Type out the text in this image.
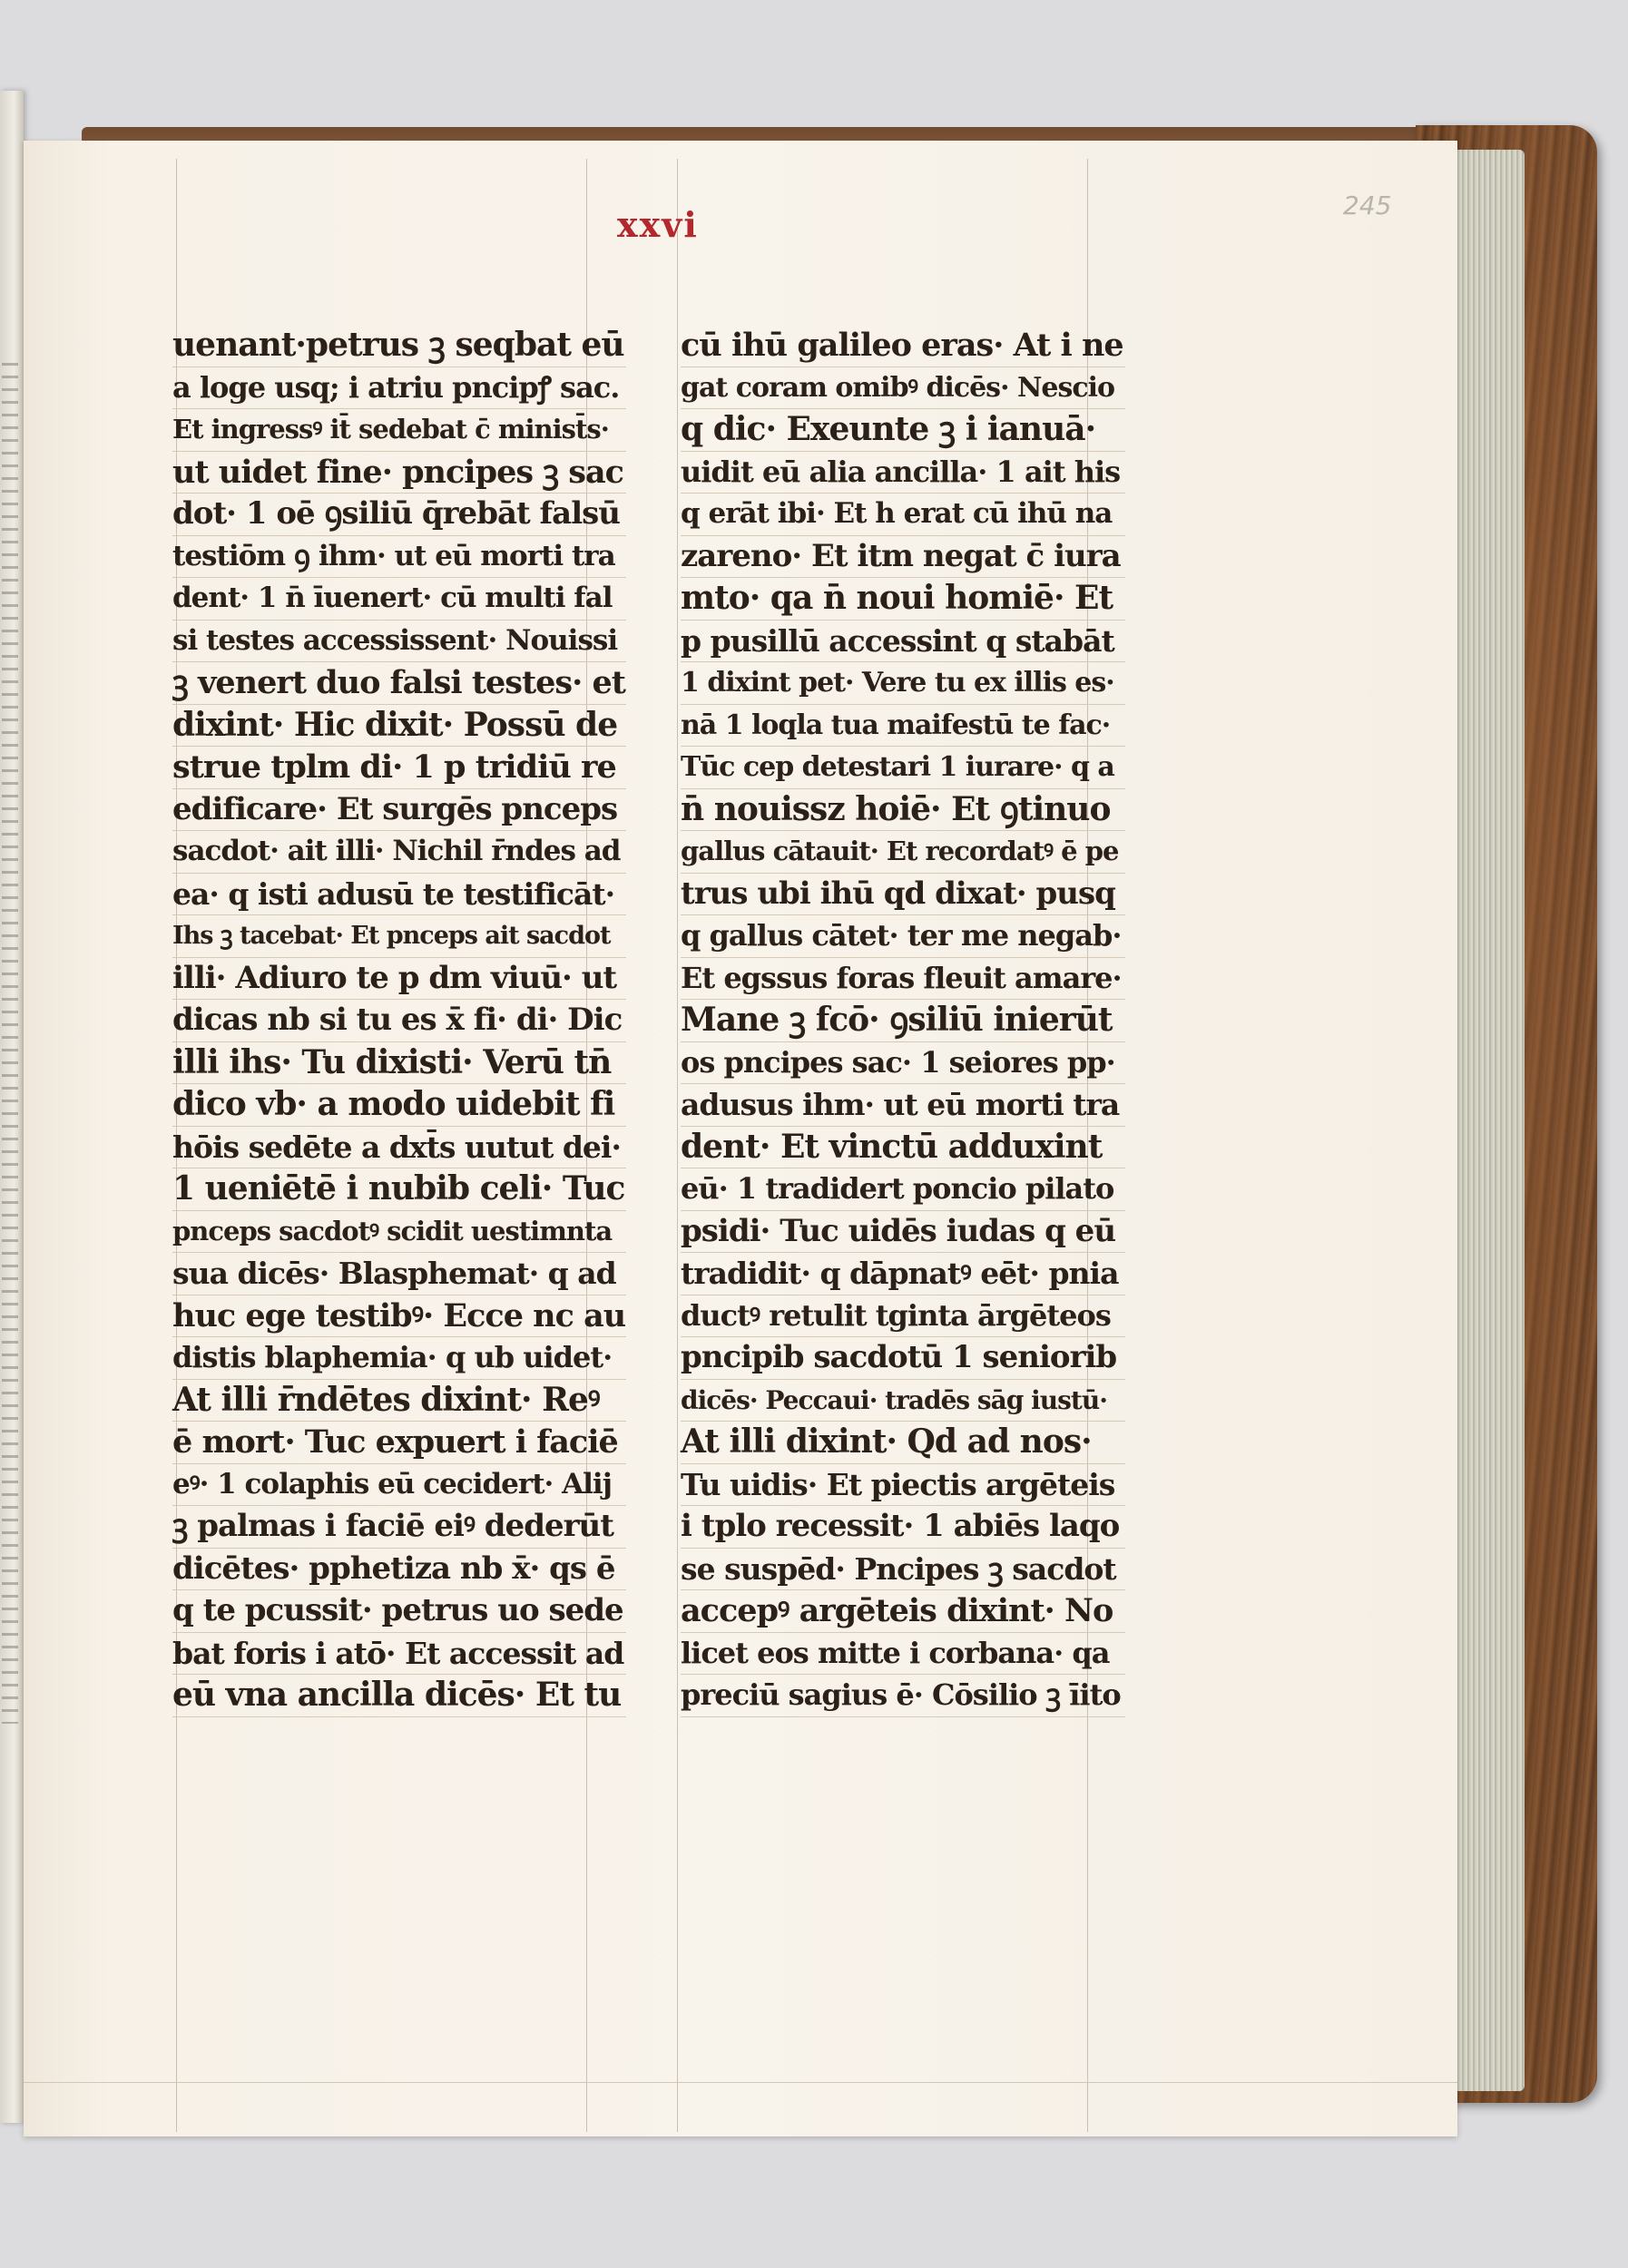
245
xxvi
uenant·petrus ꝫ seqbat eū
a loge usq; i atriu pncipꝭ sac.
Et ingressꝰ it̄ sedebat c̄ minist̄s·
ut uidet fine· pncipes ꝫ sac
dot· 1 oē ꝯsiliū q̄rebāt falsū
testiōm ꝯ ihm· ut eū morti tra
dent· 1 n̄ īuenert· cū multi fal
si testes accessissent· Nouissi
ꝫ venert duo falsi testes· et
dixint· Hic dixit· Possū de
strue tplm di· 1 p tridiū re
edificare· Et surgēs pnceps
sacdot· ait illi· Nichil r̄ndes ad
ea· q isti adusū te testificāt·
Ihs ꝫ tacebat· Et pnceps ait sacdot
illi· Adiuro te p dm viuū· ut
dicas nb si tu es x̄ fi· di· Dic
illi ihs· Tu dixisti· Verū tn̄
dico vb· a modo uidebit fi
hōis sedēte a dxt̄s uutut dei·
1 ueniētē i nubib celi· Tuc
pnceps sacdotꝰ scidit uestimnta
sua dicēs· Blasphemat· q ad
huc ege testibꝰ· Ecce nc au
distis blaphemia· q ub uidet·
At illi r̄ndētes dixint· Reꝰ
ē mort· Tuc expuert i faciē
eꝰ· 1 colaphis eū cecidert· Alij
ꝫ palmas i faciē eiꝰ dederūt
dicētes· pphetiza nb x̄· qs ē
q te pcussit· petrus uo sede
bat foris i atō· Et accessit ad
eū vna ancilla dicēs· Et tu
cū ihū galileo eras· At i ne
gat coram omibꝰ dicēs· Nescio
q dic· Exeunte ꝫ i ianuā·
uidit eū alia ancilla· 1 ait his
q erāt ibi· Et h erat cū ihū na
zareno· Et itm negat c̄ iura
mto· qa n̄ noui homiē· Et
p pusillū accessint q stabāt
1 dixint pet· Vere tu ex illis es·
nā 1 loqla tua maifestū te fac·
Tūc cep detestari 1 iurare· q a
n̄ nouissz hoiē· Et ꝯtinuo
gallus cātauit· Et recordatꝰ ē pe
trus ubi ihū qd dixat· pusq
q gallus cātet· ter me negab·
Et egssus foras fleuit amare·
Mane ꝫ fcō· ꝯsiliū inierūt
os pncipes sac· 1 seiores pp·
adusus ihm· ut eū morti tra
dent· Et vinctū adduxint
eū· 1 tradidert poncio pilato
psidi· Tuc uidēs iudas q eū
tradidit· q dāpnatꝰ eēt· pnia
ductꝰ retulit tginta ārgēteos
pncipib sacdotū 1 seniorib
dicēs· Peccaui· tradēs sāg iustū·
At illi dixint· Qd ad nos·
Tu uidis· Et piectis argēteis
i tplo recessit· 1 abiēs laqo
se suspēd· Pncipes ꝫ sacdot
accepꝰ argēteis dixint· No
licet eos mitte i corbana· qa
preciū sagius ē· Cōsilio ꝫ īito
